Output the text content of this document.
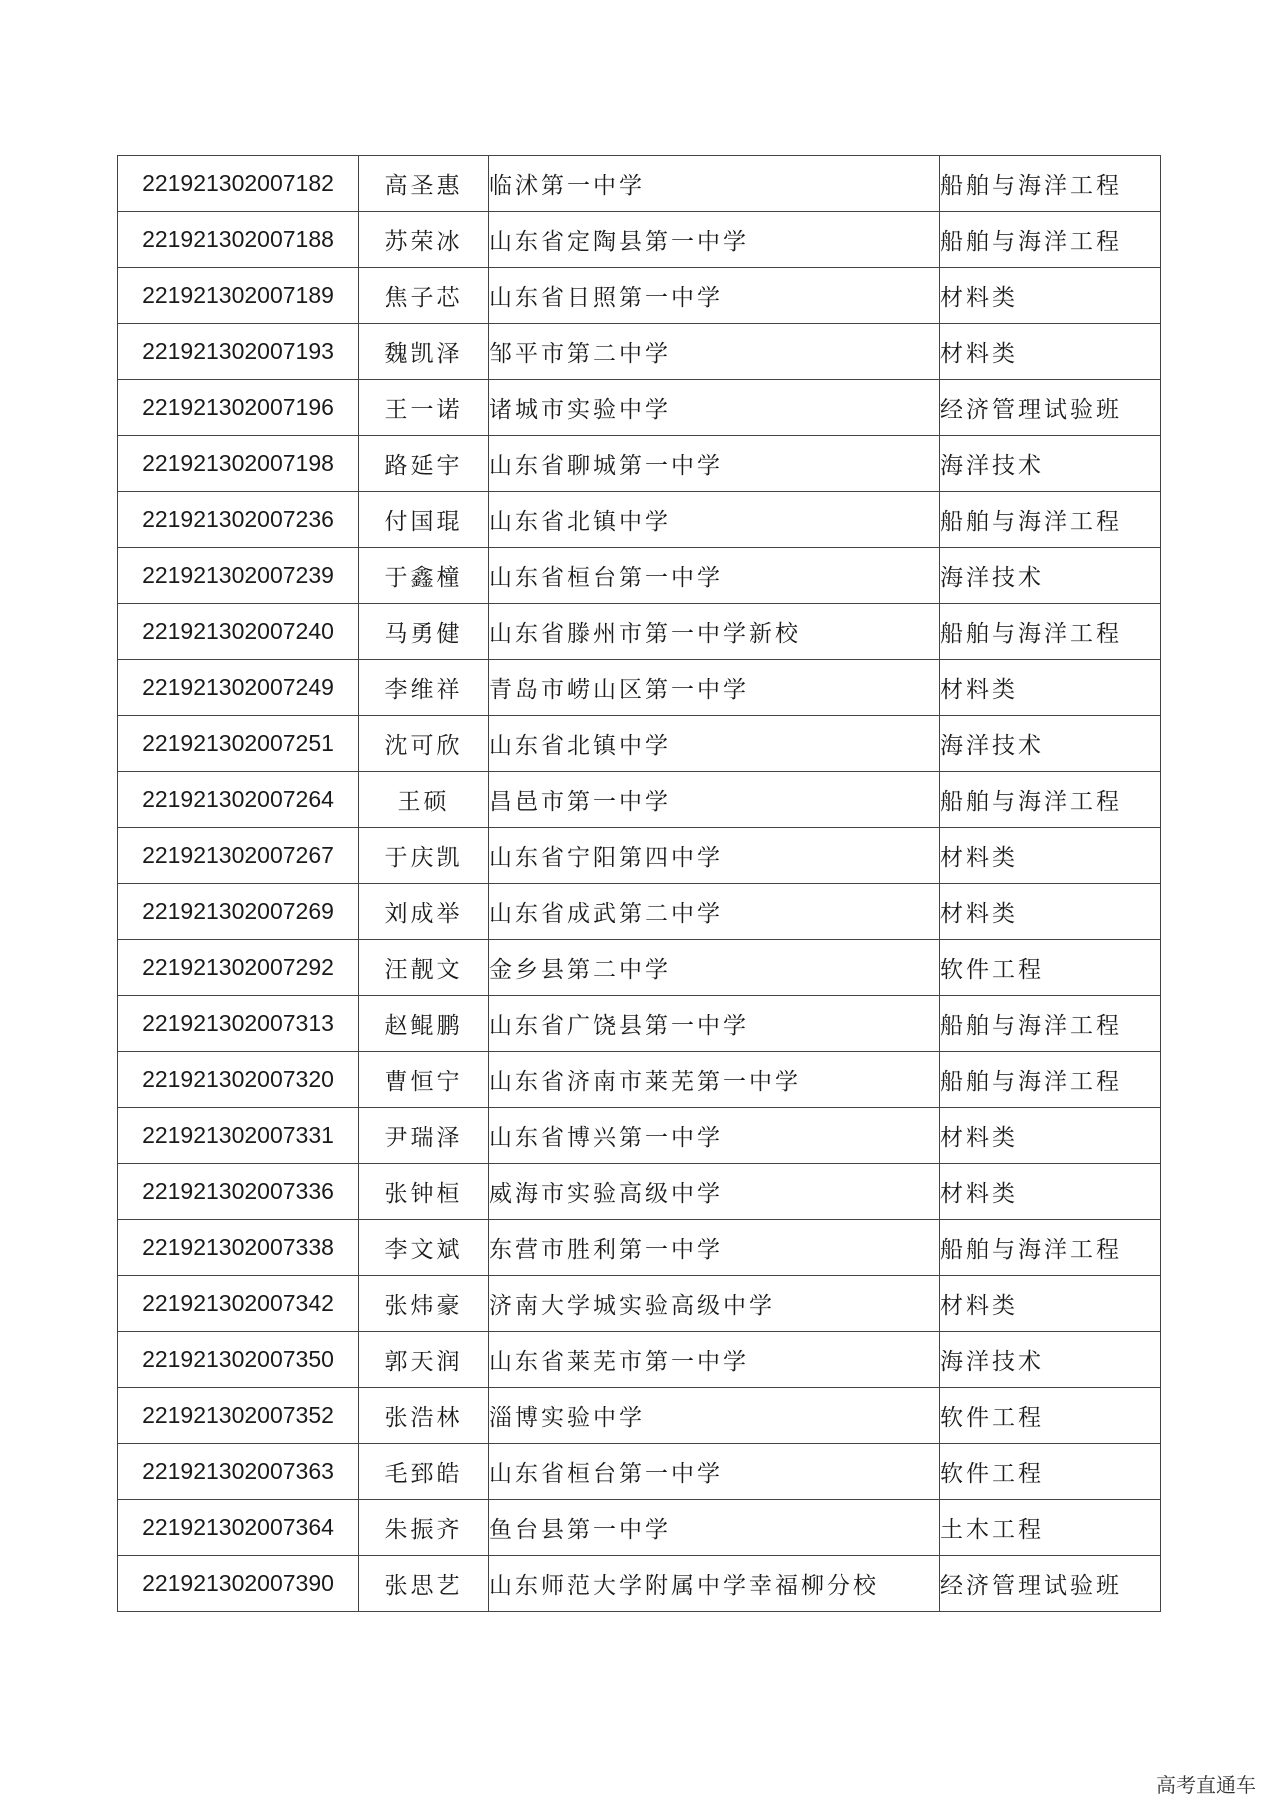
221921302007182	高圣惠	临沭第一中学	船舶与海洋工程
221921302007188	苏荣冰	山东省定陶县第一中学	船舶与海洋工程
221921302007189	焦子芯	山东省日照第一中学	材料类
221921302007193	魏凯泽	邹平市第二中学	材料类
221921302007196	王一诺	诸城市实验中学	经济管理试验班
221921302007198	路延宇	山东省聊城第一中学	海洋技术
221921302007236	付国琨	山东省北镇中学	船舶与海洋工程
221921302007239	于鑫橦	山东省桓台第一中学	海洋技术
221921302007240	马勇健	山东省滕州市第一中学新校	船舶与海洋工程
221921302007249	李维祥	青岛市崂山区第一中学	材料类
221921302007251	沈可欣	山东省北镇中学	海洋技术
221921302007264	王硕	昌邑市第一中学	船舶与海洋工程
221921302007267	于庆凯	山东省宁阳第四中学	材料类
221921302007269	刘成举	山东省成武第二中学	材料类
221921302007292	汪靓文	金乡县第二中学	软件工程
221921302007313	赵鲲鹏	山东省广饶县第一中学	船舶与海洋工程
221921302007320	曹恒宁	山东省济南市莱芜第一中学	船舶与海洋工程
221921302007331	尹瑞泽	山东省博兴第一中学	材料类
221921302007336	张钟桓	威海市实验高级中学	材料类
221921302007338	李文斌	东营市胜利第一中学	船舶与海洋工程
221921302007342	张炜豪	济南大学城实验高级中学	材料类
221921302007350	郭天润	山东省莱芜市第一中学	海洋技术
221921302007352	张浩林	淄博实验中学	软件工程
221921302007363	毛郅皓	山东省桓台第一中学	软件工程
221921302007364	朱振齐	鱼台县第一中学	土木工程
221921302007390	张思艺	山东师范大学附属中学幸福柳分校	经济管理试验班
高考直通车
